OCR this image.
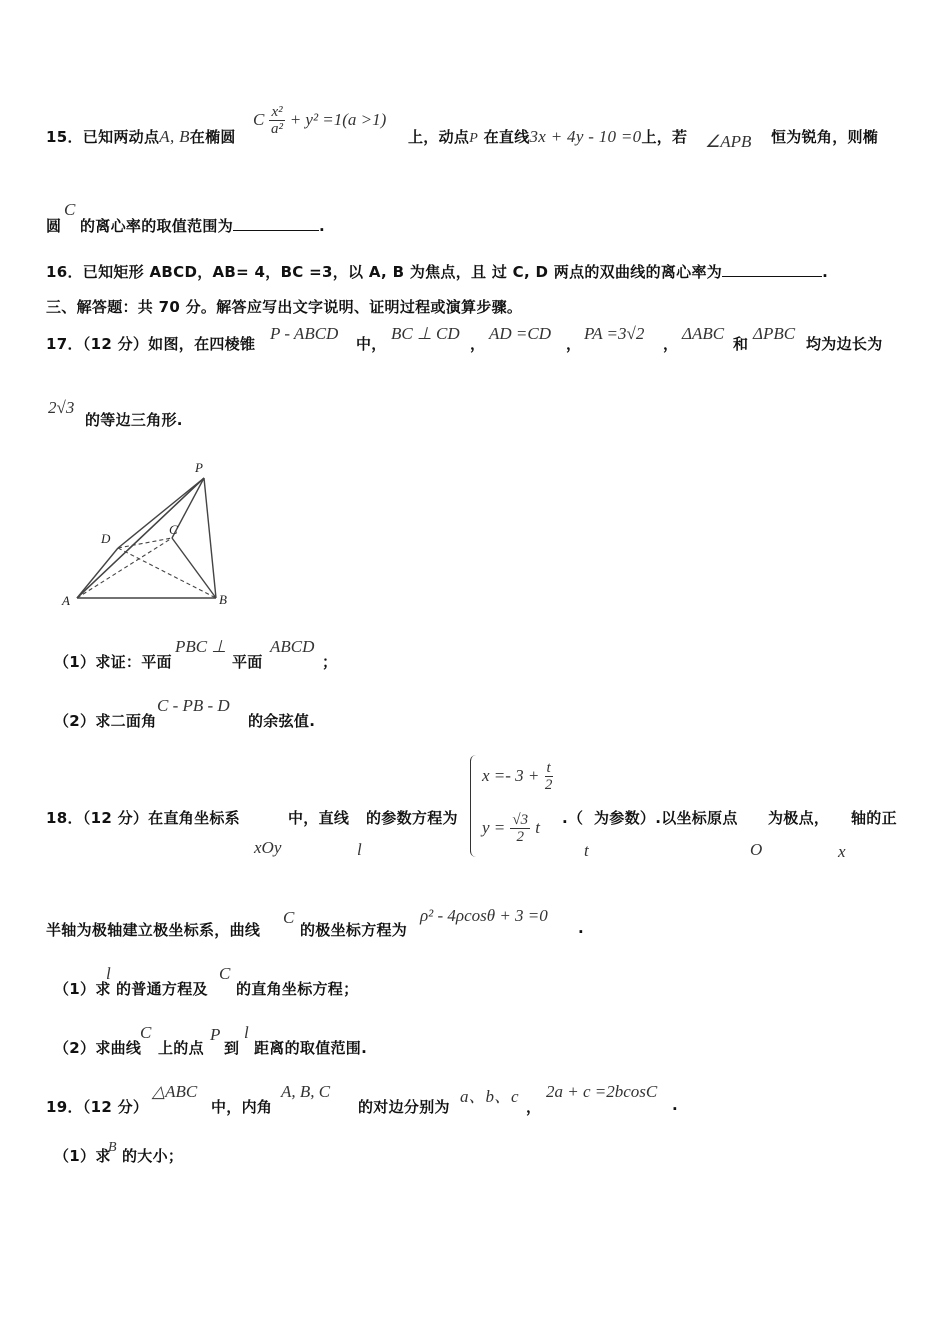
15．已知两动点A, B在椭圆
C $\frac{\text{x²}}{\text{a²}} + y^2 =1(a >1)$
上，动点P 在直线3x + 4y - 10 =0上，若 ∠APB 恒为锐角，则椭
圆
C
的离心率的取值范围为	.
16．已知矩形 ABCD，AB= 4，BC =3，以 A, B 为焦点，且 过 C, D 两点的双曲线的离心率为	.
三、解答题：共 70 分。解答应写出文字说明、证明过程或演算步骤。
17．（12 分）如图，在四棱锥
P - ABCD
中，
BC ⊥ CD
，
AD =CD
，
PA =3√2
，
ΔABC
和
ΔPBC
均为边长为
2√3
的等边三角形.
P
D
C
A	B
（1）求证：平面
PBC ⊥
平面
ABCD
；
（2）求二面角
C - PB - D
的余弦值.
18．（12 分）在直角坐标系	中，直线 的参数方程为
xOy	l
$x =- 3 + \frac{t}{2}$
$y = \frac{√3}{2}$ t .（ 为参数）.以坐标原点 为极点， 轴的正
t	O	x
半轴为极轴建立极坐标系，曲线
C
的极坐标方程为
ρ² - 4ρcosθ + 3 =0
.
（1）求
l
的普通方程及
C
的直角坐标方程；
（2）求曲线
C
上的点
P
到
l
距离的取值范围.
19．（12 分）
△ABC
中，内角
A, B, C
的对边分别为
a、b、c
，
2a + c =2bcosC
.
（1）求
B 的大小；
